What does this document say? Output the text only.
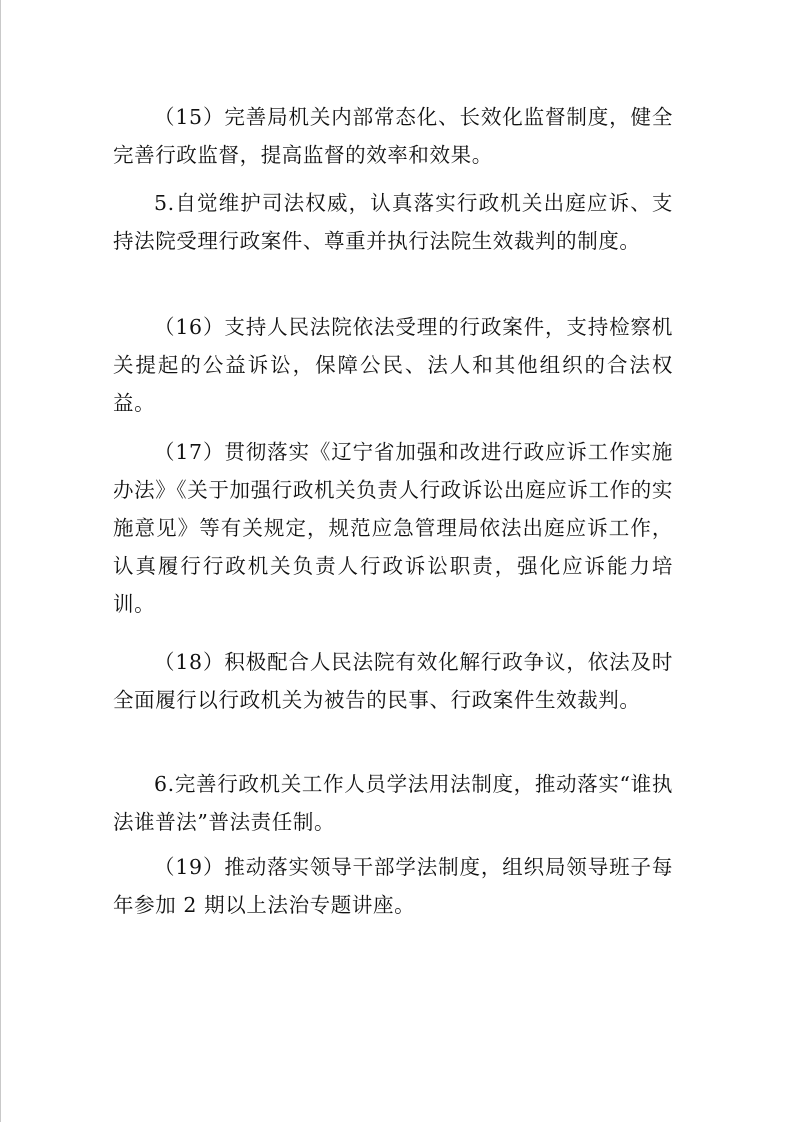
（15）完善局机关内部常态化、长效化监督制度，健全完善行政监督，提高监督的效率和效果。

5.自觉维护司法权威，认真落实行政机关出庭应诉、支持法院受理行政案件、尊重并执行法院生效裁判的制度。

（16）支持人民法院依法受理的行政案件，支持检察机关提起的公益诉讼，保障公民、法人和其他组织的合法权益。

（17）贯彻落实《辽宁省加强和改进行政应诉工作实施办法》《关于加强行政机关负责人行政诉讼出庭应诉工作的实施意见》等有关规定，规范应急管理局依法出庭应诉工作，认真履行行政机关负责人行政诉讼职责，强化应诉能力培训。

（18）积极配合人民法院有效化解行政争议，依法及时全面履行以行政机关为被告的民事、行政案件生效裁判。

6.完善行政机关工作人员学法用法制度，推动落实“谁执法谁普法”普法责任制。

（19）推动落实领导干部学法制度，组织局领导班子每年参加 2 期以上法治专题讲座。
